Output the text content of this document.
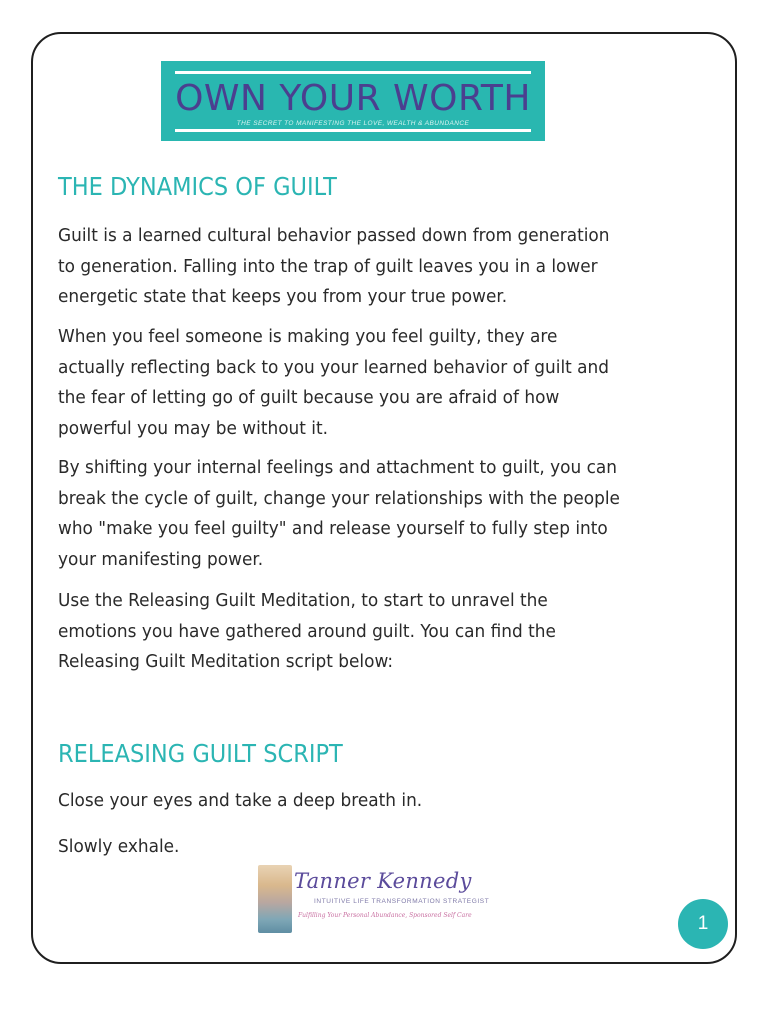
OWN YOUR WORTH
THE SECRET TO MANIFESTING THE LOVE, WEALTH & ABUNDANCE
THE DYNAMICS OF GUILT

Guilt is a learned cultural behavior passed down from generation to generation. Falling into the trap of guilt leaves you in a lower energetic state that keeps you from your true power.

When you feel someone is making you feel guilty, they are actually reflecting back to you your learned behavior of guilt and the fear of letting go of guilt because you are afraid of how powerful you may be without it.

By shifting your internal feelings and attachment to guilt, you can break the cycle of guilt, change your relationships with the people who "make you feel guilty" and release yourself to fully step into your manifesting power.

Use the Releasing Guilt Meditation, to start to unravel the emotions you have gathered around guilt. You can find the Releasing Guilt Meditation script below:

RELEASING GUILT SCRIPT

Close your eyes and take a deep breath in.

Slowly exhale.

Tanner Kennedy
INTUITIVE LIFE TRANSFORMATION STRATEGIST
Fulfilling Your Personal Abundance, Sponsored Self Care	1
